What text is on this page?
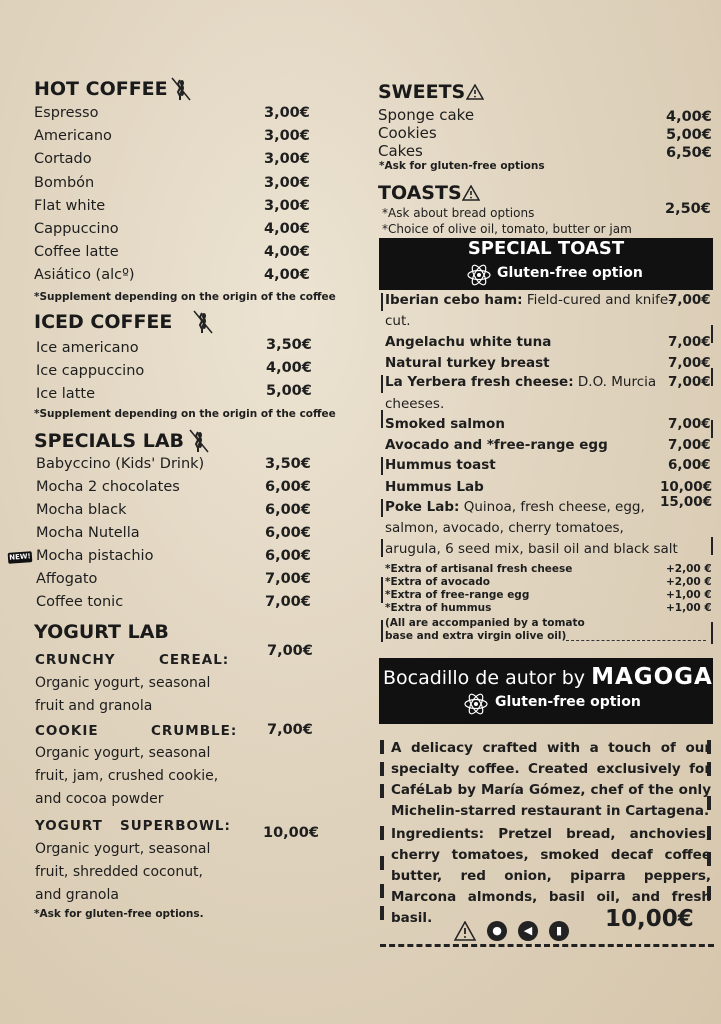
HOT COFFEE
Espresso	3,00€
Americano	3,00€
Cortado	3,00€
Bombón	3,00€
Flat white	3,00€
Cappuccino	4,00€
Coffee latte	4,00€
Asiático (alcº)	4,00€
*Supplement depending on the origin of the coffee
ICED COFFEE
Ice americano	3,50€
Ice cappuccino	4,00€
Ice latte	5,00€
*Supplement depending on the origin of the coffee
SPECIALS LAB
Babyccino (Kids' Drink)	3,50€
Mocha 2 chocolates	6,00€
Mocha black	6,00€
Mocha Nutella	6,00€
Mocha pistachio	6,00€
Affogato	7,00€
Coffee tonic	7,00€
NEW!
YOGURT LAB
CRUNCHY	CEREAL:
Organic yogurt, seasonal fruit and granola
7,00€
COOKIE	CRUMBLE:
Organic yogurt, seasonal fruit, jam, crushed cookie, and cocoa powder
7,00€
YOGURT SUPERBOWL:
Organic yogurt, seasonal fruit, shredded coconut, and granola
10,00€
*Ask for gluten-free options.
SWEETS
Sponge cake	4,00€
Cookies	5,00€
Cakes	6,50€
*Ask for gluten-free options
TOASTS
*Ask about bread options
*Choice of olive oil, tomato, butter or jam
2,50€
SPECIAL TOAST
Gluten-free option
Iberian cebo ham: Field-cured and knife-
cut.
7,00€
Angelachu white tuna	7,00€
Natural turkey breast	7,00€
La Yerbera fresh cheese: D.O. Murcia
cheeses.
7,00€
Smoked salmon	7,00€
Avocado and *free-range egg	7,00€
Hummus toast	6,00€
Hummus Lab	10,00€
Poke Lab: Quinoa, fresh cheese, egg,
salmon, avocado, cherry tomatoes,
arugula, 6 seed mix, basil oil and black salt
15,00€
*Extra of artisanal fresh cheese	+2,00 €
*Extra of avocado	+2,00 €
*Extra of free-range egg	+1,00 €
*Extra of hummus	+1,00 €
(All are accompanied by a tomato
base and extra virgin olive oil)
Bocadillo de autor by MAGOGA
Gluten-free option
A delicacy crafted with a touch of our specialty coffee. Created exclusively for CaféLab by María Gómez, chef of the only Michelin-starred restaurant in Cartagena.
Ingredients: Pretzel bread, anchovies, cherry tomatoes, smoked decaf coffee butter, red onion, piparra peppers, Marcona almonds, basil oil, and fresh basil.
●	◀	▮	10,00€
